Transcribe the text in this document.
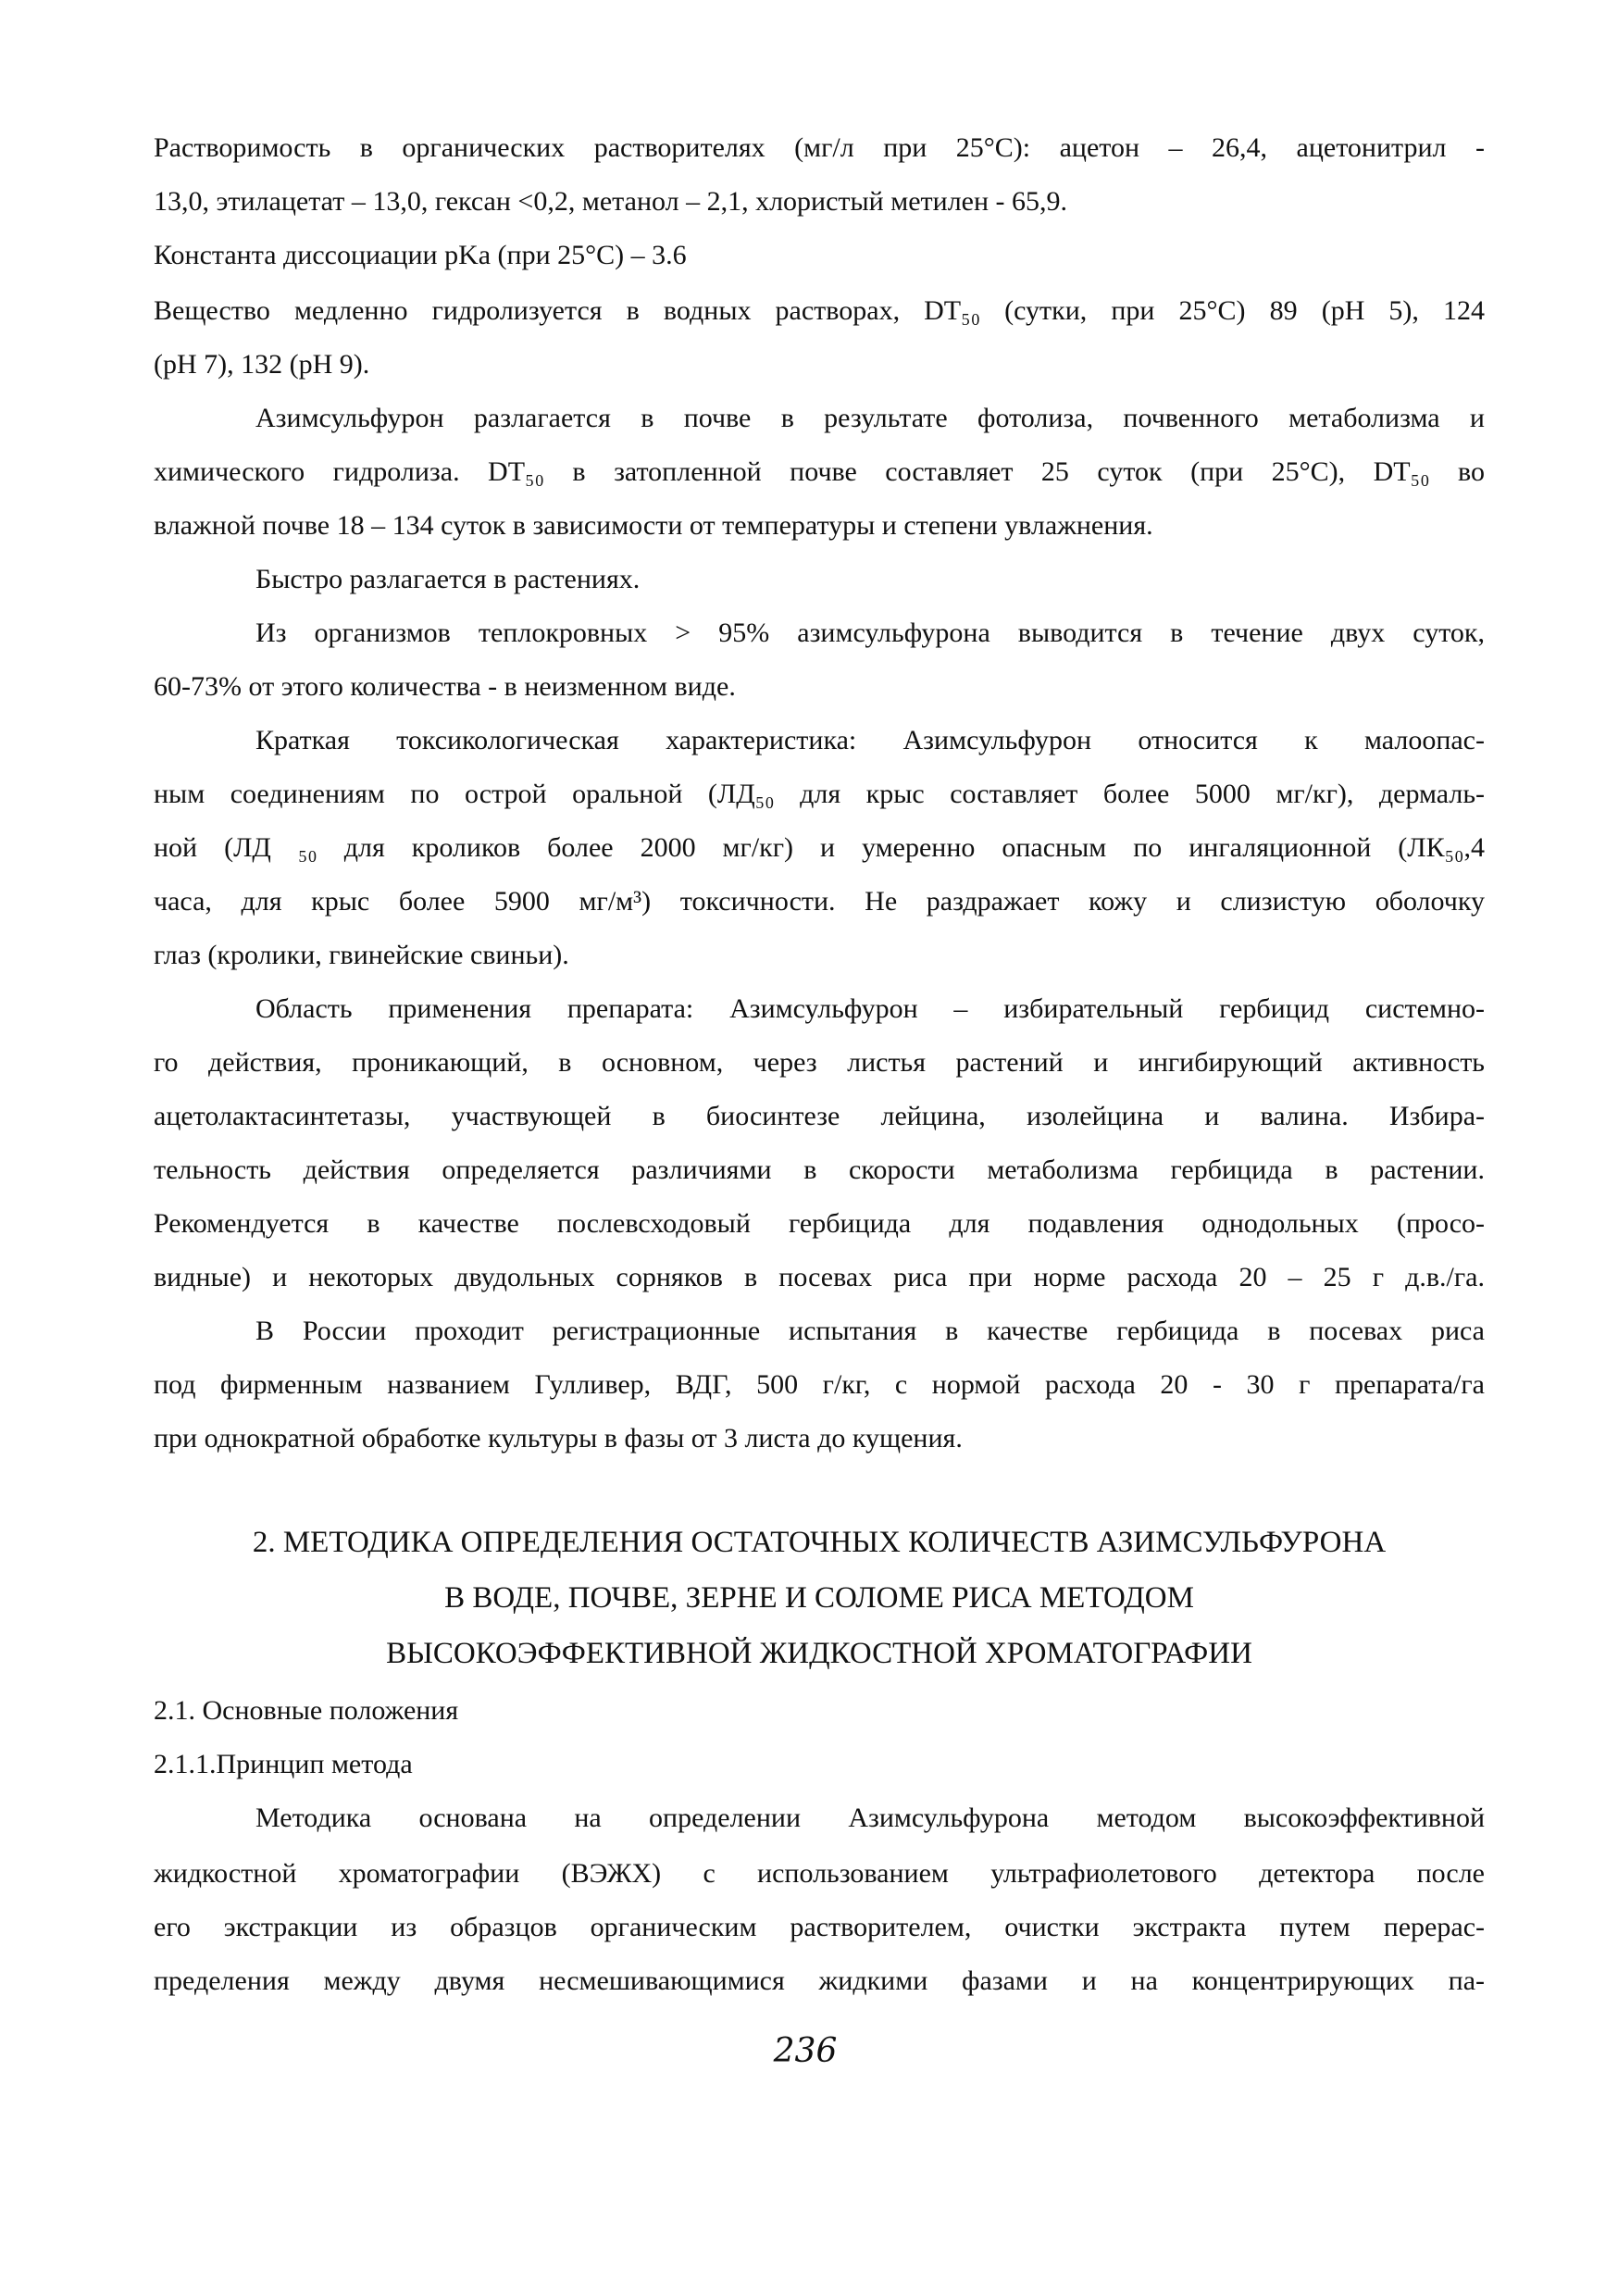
Растворимость в органических растворителях (мг/л при 25°С): ацетон – 26,4, ацетонитрил -
13,0, этилацетат – 13,0, гексан <0,2, метанол – 2,1, хлористый метилен - 65,9.
Константа диссоциации pKa (при 25°С) – 3.6
Вещество медленно гидролизуется в водных растворах, DT₅₀ (сутки, при 25°С) 89 (рН 5), 124
(рН 7), 132 (рН 9).
Азимсульфурон разлагается в почве в результате фотолиза, почвенного метаболизма и
химического гидролиза. DT₅₀ в затопленной почве составляет 25 суток (при 25°С), DT₅₀ во
влажной почве 18 – 134 суток в зависимости от температуры и степени увлажнения.
Быстро разлагается в растениях.
Из организмов теплокровных > 95% азимсульфурона выводится в течение двух суток,
60-73% от этого количества - в неизменном виде.
Краткая токсикологическая характеристика: Азимсульфурон относится к малоопас-
ным соединениям по острой оральной (ЛД₅₀ для крыс составляет более 5000 мг/кг), дермаль-
ной (ЛД ₅₀ для кроликов более 2000 мг/кг) и умеренно опасным по ингаляционной (ЛК₅₀,4
часа, для крыс более 5900 мг/м³) токсичности. Не раздражает кожу и слизистую оболочку
глаз (кролики, гвинейские свиньи).
Область применения препарата: Азимсульфурон – избирательный гербицид системно-
го действия, проникающий, в основном, через листья растений и ингибирующий активность
ацетолактасинтетазы, участвующей в биосинтезе лейцина, изолейцина и валина. Избира-
тельность действия определяется различиями в скорости метаболизма гербицида в растении.
Рекомендуется в качестве послевсходовый гербицида для подавления однодольных (просо-
видные) и некоторых двудольных сорняков в посевах риса при норме расхода 20 – 25 г д.в./га.
В России проходит регистрационные испытания в качестве гербицида в посевах риса
под фирменным названием Гулливер, ВДГ, 500 г/кг, с нормой расхода 20 - 30 г препарата/га
при однократной обработке культуры в фазы от 3 листа до кущения.
2. МЕТОДИКА ОПРЕДЕЛЕНИЯ ОСТАТОЧНЫХ КОЛИЧЕСТВ АЗИМСУЛЬФУРОНА
В ВОДЕ, ПОЧВЕ, ЗЕРНЕ И СОЛОМЕ РИСА МЕТОДОМ
ВЫСОКОЭФФЕКТИВНОЙ ЖИДКОСТНОЙ ХРОМАТОГРАФИИ
2.1. Основные положения
2.1.1.Принцип метода
Методика основана на определении Азимсульфурона методом высокоэффективной
жидкостной хроматографии (ВЭЖХ) с использованием ультрафиолетового детектора после
его экстракции из образцов органическим растворителем, очистки экстракта путем перерас-
пределения между двумя несмешивающимися жидкими фазами и на концентрирующих па-
236
